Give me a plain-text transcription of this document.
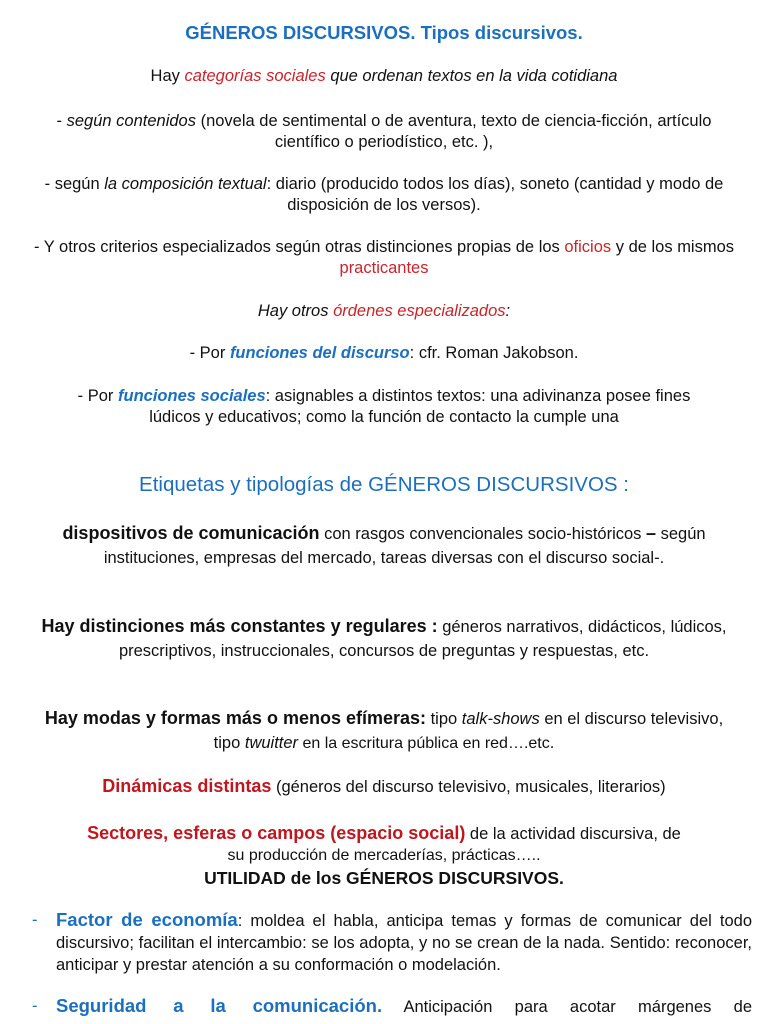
GÉNEROS DISCURSIVOS. Tipos discursivos.

Hay categorías sociales que ordenan textos en la vida cotidiana

- según contenidos (novela de sentimental o de aventura, texto de ciencia-ficción, artículo científico o periodístico, etc. ),

- según la composición textual: diario (producido todos los días), soneto (cantidad y modo de disposición de los versos).

- Y otros criterios especializados según otras distinciones propias de los oficios y de los mismos practicantes

Hay otros órdenes especializados:

- Por funciones del discurso: cfr. Roman Jakobson.

- Por funciones sociales: asignables a distintos textos: una adivinanza posee fines lúdicos y educativos; como la función de contacto la cumple una

Etiquetas y tipologías de GÉNEROS DISCURSIVOS :

dispositivos de comunicación con rasgos convencionales socio-históricos – según instituciones, empresas del mercado, tareas diversas con el discurso social-.

Hay distinciones más constantes y regulares : géneros narrativos, didácticos, lúdicos, prescriptivos, instruccionales, concursos de preguntas y respuestas, etc.

Hay modas y formas más o menos efímeras: tipo talk-shows en el discurso televisivo, tipo twuitter en la escritura pública en red….etc.

Dinámicas distintas (géneros del discurso televisivo, musicales, literarios)

Sectores, esferas o campos (espacio social) de la actividad discursiva, de

su producción de mercaderías, prácticas…..

UTILIDAD de los GÉNEROS DISCURSIVOS.

- Factor de economía: moldea el habla, anticipa temas y formas de comunicar del todo discursivo; facilitan el intercambio: se los adopta, y no se crean de la nada. Sentido: reconocer, anticipar y prestar atención a su conformación o modelación.
- Seguridad a la comunicación. Anticipación para acotar márgenes de
